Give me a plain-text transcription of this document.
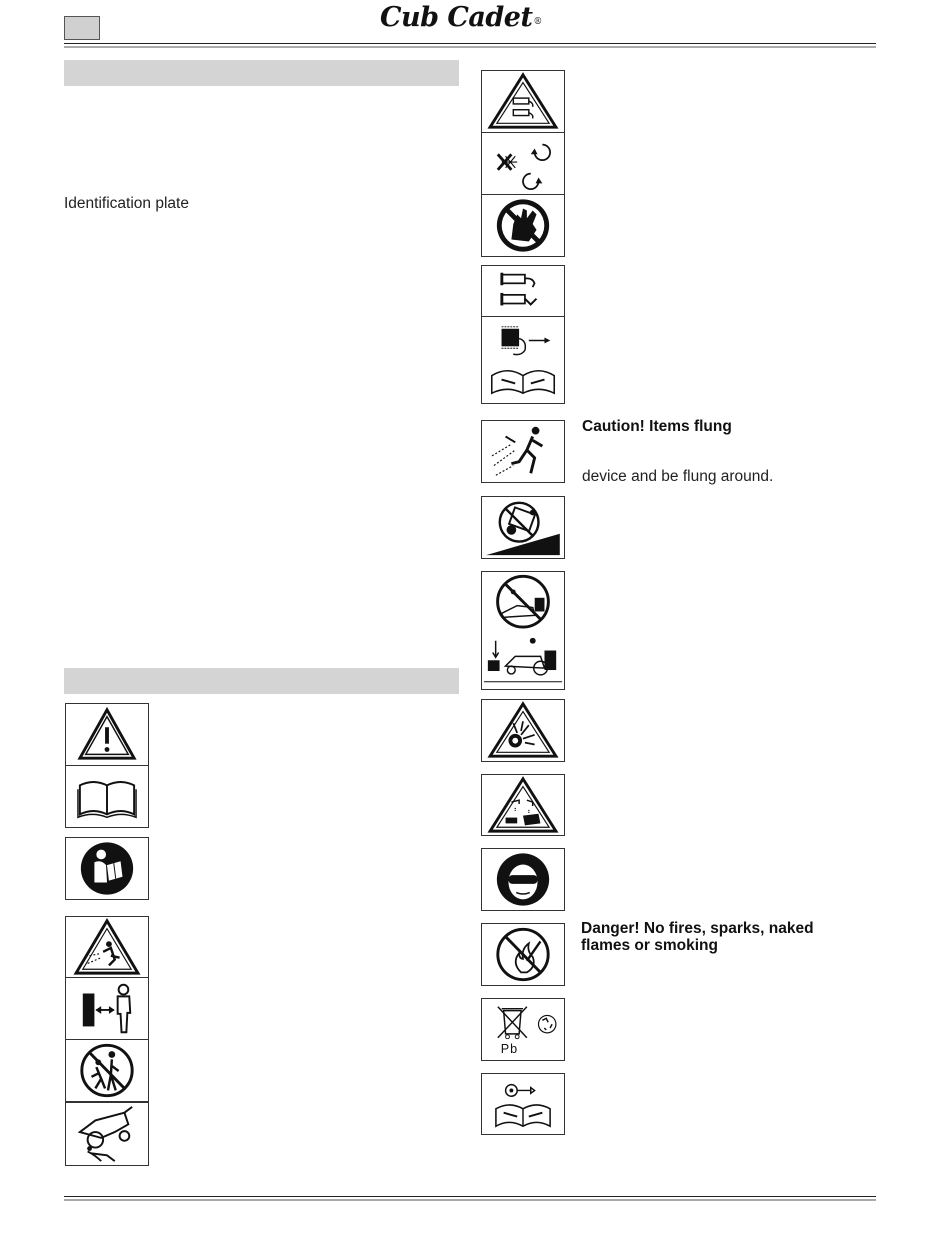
Cub Cadet®
Identification plate
Caution! Items flung
device and be flung around.
Danger! No fires, sparks, naked
flames or smoking
Pb
